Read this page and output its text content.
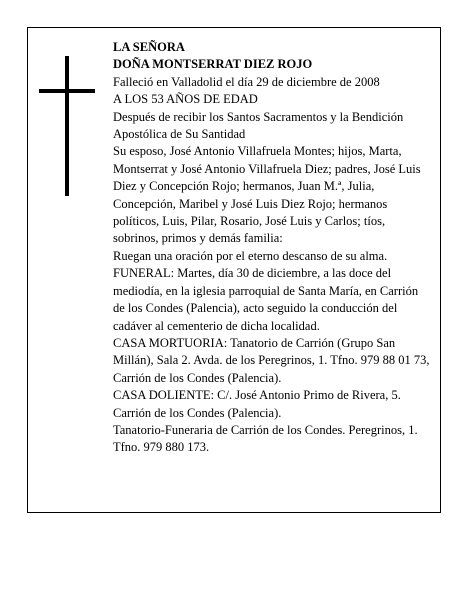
LA SEÑORA

DOÑA MONTSERRAT DIEZ ROJO

Falleció en Valladolid el día 29 de diciembre de 2008

A LOS 53 AÑOS DE EDAD

Después de recibir los Santos Sacramentos y la Bendición Apostólica de Su Santidad

Su esposo, José Antonio Villafruela Montes; hijos, Marta, Montserrat y José Antonio Villafruela Diez; padres, José Luis Diez y Concepción Rojo; hermanos, Juan M.ª, Julia, Concepción, Maribel y José Luis Diez Rojo; hermanos políticos, Luis, Pilar, Rosario, José Luis y Carlos; tíos, sobrinos, primos y demás familia:

Ruegan una oración por el eterno descanso de su alma.

FUNERAL: Martes, día 30 de diciembre, a las doce del mediodía, en la iglesia parroquial de Santa María, en Carrión de los Condes (Palencia), acto seguido la conducción del cadáver al cementerio de dicha localidad.

CASA MORTUORIA: Tanatorio de Carrión (Grupo San Millán), Sala 2. Avda. de los Peregrinos, 1. Tfno. 979 88 01 73, Carrión de los Condes (Palencia).

CASA DOLIENTE: C/. José Antonio Primo de Rivera, 5. Carrión de los Condes (Palencia).

Tanatorio-Funeraria de Carrión de los Condes. Peregrinos, 1. Tfno. 979 880 173.
